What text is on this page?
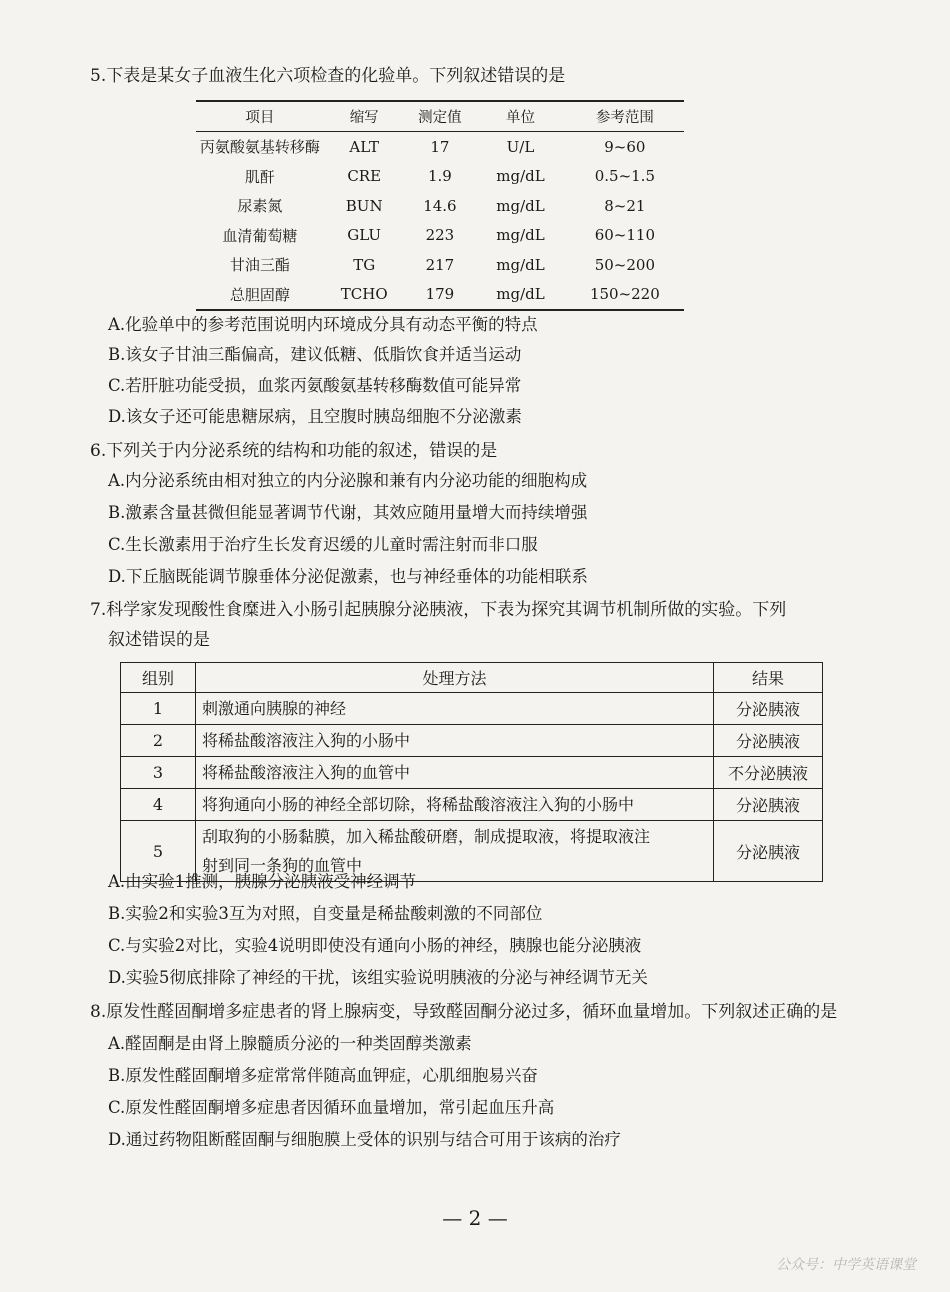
5.下表是某女子血液生化六项检查的化验单。下列叙述错误的是
项目	缩写	测定值	单位	参考范围
丙氨酸氨基转移酶	ALT	17	U/L	9~60
肌酐	CRE	1.9	mg/dL	0.5~1.5
尿素氮	BUN	14.6	mg/dL	8~21
血清葡萄糖	GLU	223	mg/dL	60~110
甘油三酯	TG	217	mg/dL	50~200
总胆固醇	TCHO	179	mg/dL	150~220
A.化验单中的参考范围说明内环境成分具有动态平衡的特点
B.该女子甘油三酯偏高，建议低糖、低脂饮食并适当运动
C.若肝脏功能受损，血浆丙氨酸氨基转移酶数值可能异常
D.该女子还可能患糖尿病，且空腹时胰岛细胞不分泌激素
6.下列关于内分泌系统的结构和功能的叙述，错误的是
A.内分泌系统由相对独立的内分泌腺和兼有内分泌功能的细胞构成
B.激素含量甚微但能显著调节代谢，其效应随用量增大而持续增强
C.生长激素用于治疗生长发育迟缓的儿童时需注射而非口服
D.下丘脑既能调节腺垂体分泌促激素，也与神经垂体的功能相联系
7.科学家发现酸性食糜进入小肠引起胰腺分泌胰液，下表为探究其调节机制所做的实验。下列
叙述错误的是
组别	处理方法	结果
1	刺激通向胰腺的神经	分泌胰液
2	将稀盐酸溶液注入狗的小肠中	分泌胰液
3	将稀盐酸溶液注入狗的血管中	不分泌胰液
4	将狗通向小肠的神经全部切除，将稀盐酸溶液注入狗的小肠中	分泌胰液
5	刮取狗的小肠黏膜，加入稀盐酸研磨，制成提取液，将提取液注
射到同一条狗的血管中	分泌胰液
A.由实验1推测，胰腺分泌胰液受神经调节
B.实验2和实验3互为对照，自变量是稀盐酸刺激的不同部位
C.与实验2对比，实验4说明即使没有通向小肠的神经，胰腺也能分泌胰液
D.实验5彻底排除了神经的干扰，该组实验说明胰液的分泌与神经调节无关
8.原发性醛固酮增多症患者的肾上腺病变，导致醛固酮分泌过多，循环血量增加。下列叙述正确的是
A.醛固酮是由肾上腺髓质分泌的一种类固醇类激素
B.原发性醛固酮增多症常常伴随高血钾症，心肌细胞易兴奋
C.原发性醛固酮增多症患者因循环血量增加，常引起血压升高
D.通过药物阻断醛固酮与细胞膜上受体的识别与结合可用于该病的治疗
— 2 —
公众号：中学英语课堂
